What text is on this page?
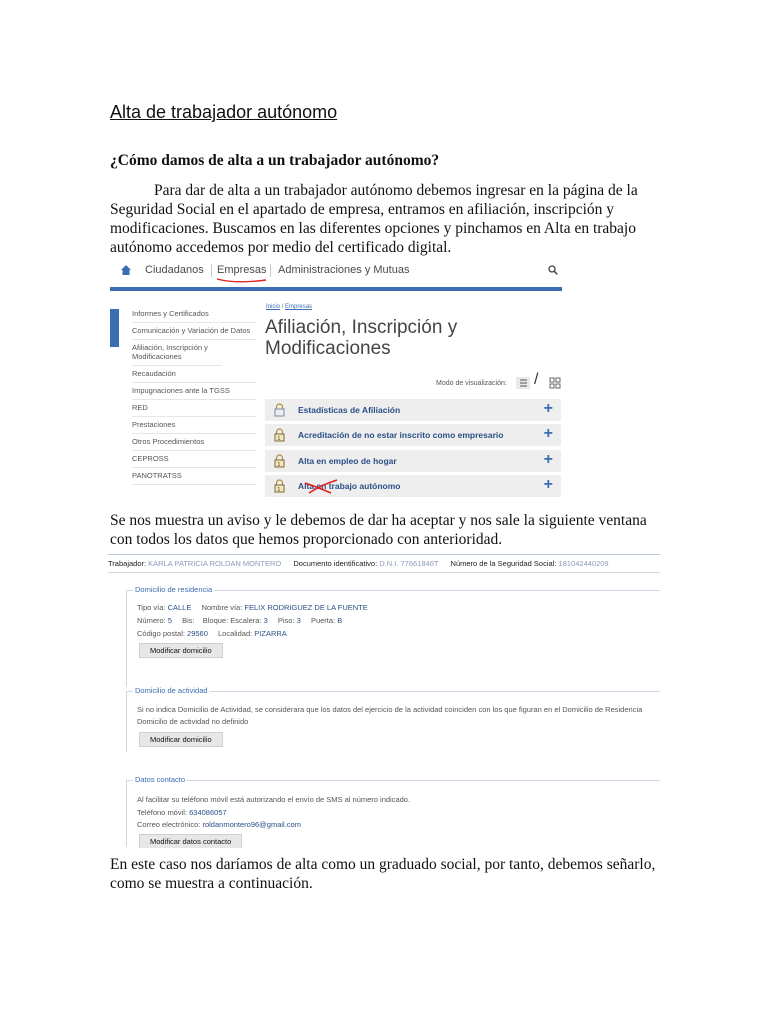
Alta de trabajador autónomo
¿Cómo damos de alta a un trabajador autónomo?

Para dar de alta a un trabajador autónomo debemos ingresar en la página de la Seguridad Social en el apartado de empresa, entramos en afiliación, inscripción y modificaciones. Buscamos en las diferentes opciones y pinchamos en Alta en trabajo autónomo accedemos por medio del certificado digital.

Ciudadanos Empresas Administraciones y Mutuas
Informes y Certificados
Comunicación y Variación de Datos
Afiliación, Inscripción y Modificaciones
Recaudación
Impugnaciones ante la TGSS
RED
Prestaciones
Otros Procedimientos
CEPROSS
PANOTRATSS
Inicio / Empresas
Afiliación, Inscripción y Modificaciones
Modo de visualización: /
Estadísticas de Afiliación	+
1 Acreditación de no estar inscrito como empresario	+
1 Alta en empleo de hogar	+
1 Alta en trabajo autónomo	+

Se nos muestra un aviso y le debemos de dar ha aceptar y nos sale la siguiente ventana con todos los datos que hemos proporcionado con anterioridad.

Trabajador: KARLA PATRICIA ROLDAN MONTERO Documento identificativo: D.N.I. 77661846T Número de la Seguridad Social: 181042440209
Domicilio de residencia
Tipo vía: CALLE Nombre vía: FELIX RODRIGUEZ DE LA FUENTE
Número: 5 Bis: Bloque: Escalera: 3 Piso: 3 Puerta: B
Código postal: 29560 Localidad: PIZARRA
Modificar domicilio
Domicilio de actividad
Si no indica Domicilio de Actividad, se considerara que los datos del ejercicio de la actividad coinciden con los que figuran en el Domicilio de Residencia
Domicilio de actividad no definido
Modificar domicilio
Datos contacto
Al facilitar su teléfono móvil está autorizando el envío de SMS al número indicado.
Teléfono móvil: 634086057
Correo electrónico: roldanmontero96@gmail.com
Modificar datos contacto

En este caso nos daríamos de alta como un graduado social, por tanto, debemos señarlo, como se muestra a continuación.
